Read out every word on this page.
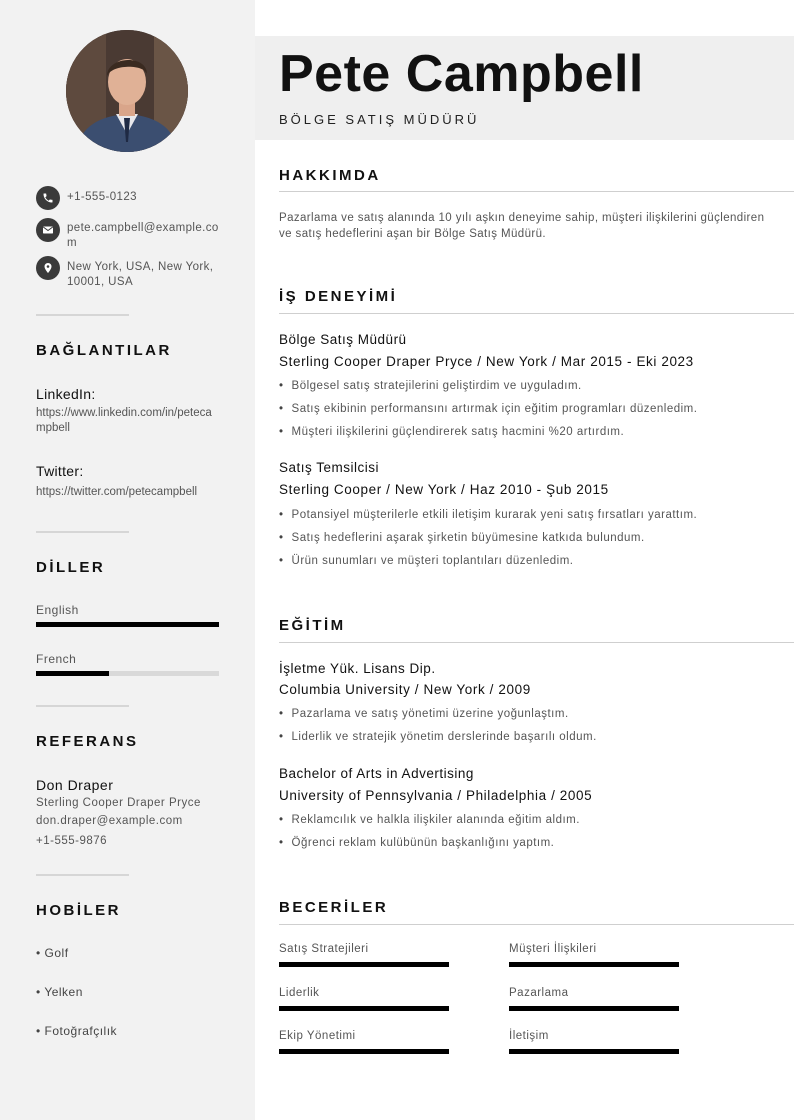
+1-555-0123
pete.campbell@example.com
New York, USA, New York, 10001, USA
BAĞLANTILAR
LinkedIn:
https://www.linkedin.com/in/petecampbell
Twitter:
https://twitter.com/petecampbell
DİLLER
English
French
REFERANS
Don Draper
Sterling Cooper Draper Pryce
don.draper@example.com
+1-555-9876
HOBİLER
• Golf
• Yelken
• Fotoğrafçılık
Pete Campbell
BÖLGE SATIŞ MÜDÜRÜ
HAKKIMDA
Pazarlama ve satış alanında 10 yılı aşkın deneyime sahip, müşteri ilişkilerini güçlendiren ve satış hedeflerini aşan bir Bölge Satış Müdürü.
İŞ DENEYİMİ
Bölge Satış Müdürü
Sterling Cooper Draper Pryce / New York / Mar 2015 - Eki 2023
• Bölgesel satış stratejilerini geliştirdim ve uyguladım.
• Satış ekibinin performansını artırmak için eğitim programları düzenledim.
• Müşteri ilişkilerini güçlendirerek satış hacmini %20 artırdım.
Satış Temsilcisi
Sterling Cooper / New York / Haz 2010 - Şub 2015
• Potansiyel müşterilerle etkili iletişim kurarak yeni satış fırsatları yarattım.
• Satış hedeflerini aşarak şirketin büyümesine katkıda bulundum.
• Ürün sunumları ve müşteri toplantıları düzenledim.
EĞİTİM
İşletme Yük. Lisans Dip.
Columbia University / New York / 2009
• Pazarlama ve satış yönetimi üzerine yoğunlaştım.
• Liderlik ve stratejik yönetim derslerinde başarılı oldum.
Bachelor of Arts in Advertising
University of Pennsylvania / Philadelphia / 2005
• Reklamcılık ve halkla ilişkiler alanında eğitim aldım.
• Öğrenci reklam kulübünün başkanlığını yaptım.
BECERİLER
Satış Stratejileri	Müşteri İlişkileri
Liderlik	Pazarlama
Ekip Yönetimi	İletişim
